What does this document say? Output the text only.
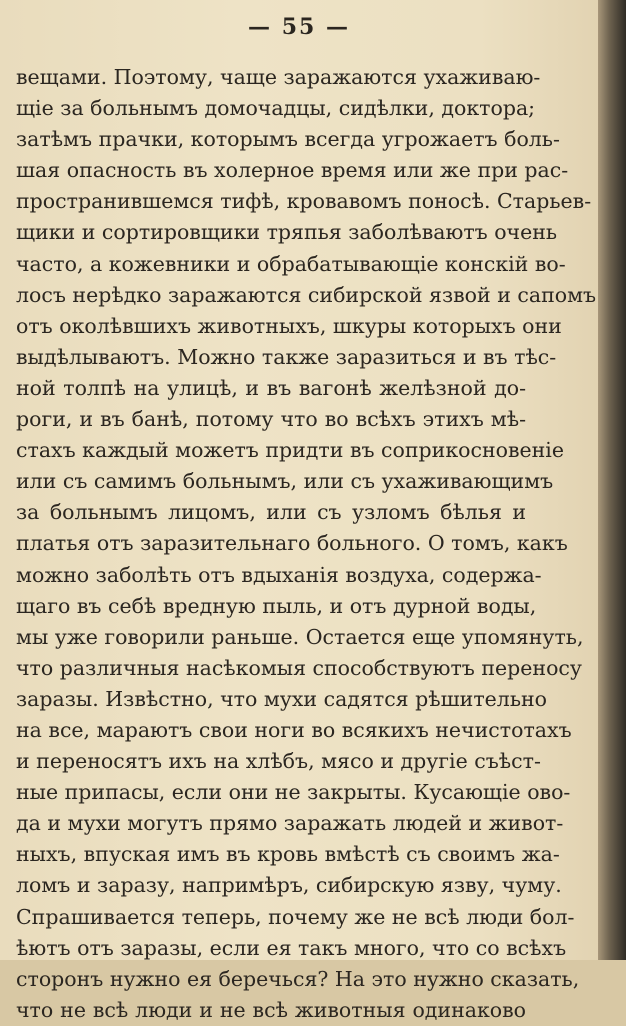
— 55 —
вещами. Поэтому, чаще заражаются ухаживаю-
щіе за больнымъ домочадцы, сидѣлки, доктора;
затѣмъ прачки, которымъ всегда угрожаетъ боль-
шая опасность въ холерное время или же при рас-
пространившемся тифѣ, кровавомъ поносѣ. Старьев-
щики и сортировщики тряпья заболѣваютъ очень
часто, а кожевники и обрабатывающіе конскій во-
лосъ нерѣдко заражаются сибирской язвой и сапомъ
отъ околѣвшихъ животныхъ, шкуры которыхъ они
выдѣлываютъ. Можно также заразиться и въ тѣс-
ной толпѣ на улицѣ, и въ вагонѣ желѣзной до-
роги, и въ банѣ, потому что во всѣхъ этихъ мѣ-
стахъ каждый можетъ придти въ соприкосновеніе
или съ самимъ больнымъ, или съ ухаживающимъ
за больнымъ лицомъ, или съ узломъ бѣлья и
платья отъ заразительнаго больного. О томъ, какъ
можно заболѣть отъ вдыханія воздуха, содержа-
щаго въ себѣ вредную пыль, и отъ дурной воды,
мы уже говорили раньше. Остается еще упомянуть,
что различныя насѣкомыя способствуютъ переносу
заразы. Извѣстно, что мухи садятся рѣшительно
на все, мараютъ свои ноги во всякихъ нечистотахъ
и переносятъ ихъ на хлѣбъ, мясо и другіе съѣст-
ные припасы, если они не закрыты. Кусающіе ово-
да и мухи могутъ прямо заражать людей и живот-
ныхъ, впуская имъ въ кровь вмѣстѣ съ своимъ жа-
ломъ и заразу, напримѣръ, сибирскую язву, чуму.
Спрашивается теперь, почему же не всѣ люди бол-
ѣютъ отъ заразы, если ея такъ много, что со всѣхъ
сторонъ нужно ея беречься? На это нужно сказать,
что не всѣ люди и не всѣ животныя одинаково
